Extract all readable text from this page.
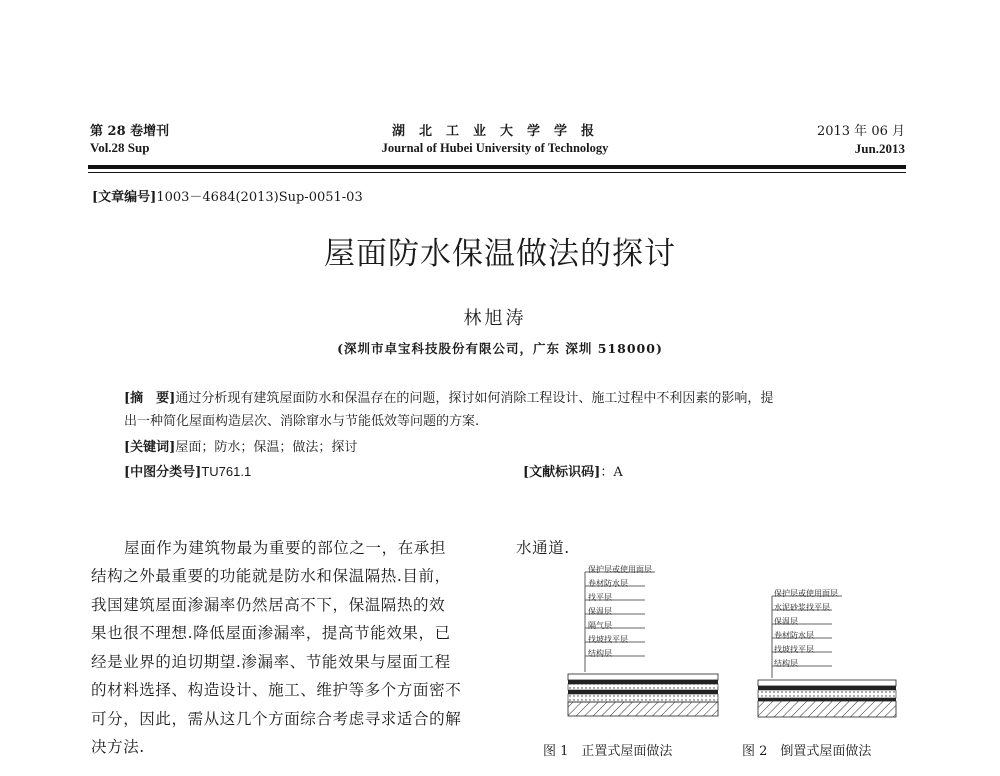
第 28 卷增刊
Vol.28 Sup
湖北工业大学学报
Journal of Hubei University of Technology
2013 年 06 月
Jun.2013
[文章编号]1003－4684(2013)Sup-0051-03
屋面防水保温做法的探讨
林旭涛
(深圳市卓宝科技股份有限公司，广东 深圳 518000)
[摘　要]通过分析现有建筑屋面防水和保温存在的问题，探讨如何消除工程设计、施工过程中不利因素的影响，提
出一种简化屋面构造层次、消除窜水与节能低效等问题的方案.
[关键词]屋面；防水；保温；做法；探讨
[中图分类号]TU761.1	[文献标识码]：A
屋面作为建筑物最为重要的部位之一，在承担
结构之外最重要的功能就是防水和保温隔热.目前，
我国建筑屋面渗漏率仍然居高不下，保温隔热的效
果也很不理想.降低屋面渗漏率，提高节能效果，已
经是业界的迫切期望.渗漏率、节能效果与屋面工程
的材料选择、构造设计、施工、维护等多个方面密不
可分，因此，需从这几个方面综合考虑寻求适合的解
决方法.
水通道.
保护层或使用面层
卷材防水层
找平层
保温层
隔气层
找坡找平层
结构层
图 1　正置式屋面做法
保护层或使用面层
水泥砂浆找平层
保温层
卷材防水层
找坡找平层
结构层
图 2　倒置式屋面做法
